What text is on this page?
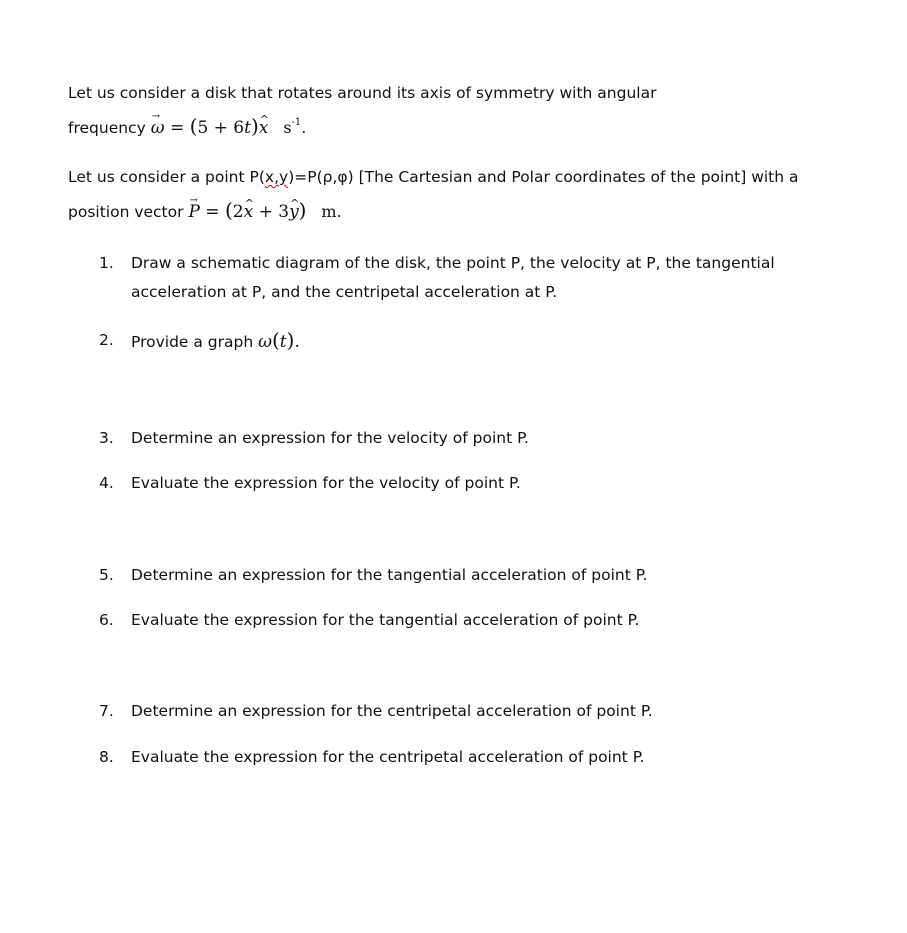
Let us consider a disk that rotates around its axis of symmetry with angular
frequency → ω = (5 + 6t)^ x $s^{-1}$.
Let us consider a point P(x,y)=P(ρ,φ) [The Cartesian and Polar coordinates of the point] with a
position vector → P = (2^ x + 3^ y) m.
1. Draw a schematic diagram of the disk, the point P, the velocity at P, the tangential
acceleration at P, and the centripetal acceleration at P.
2. Provide a graph ω(t).
3. Determine an expression for the velocity of point P.
4. Evaluate the expression for the velocity of point P.
5. Determine an expression for the tangential acceleration of point P.
6. Evaluate the expression for the tangential acceleration of point P.
7. Determine an expression for the centripetal acceleration of point P.
8. Evaluate the expression for the centripetal acceleration of point P.
